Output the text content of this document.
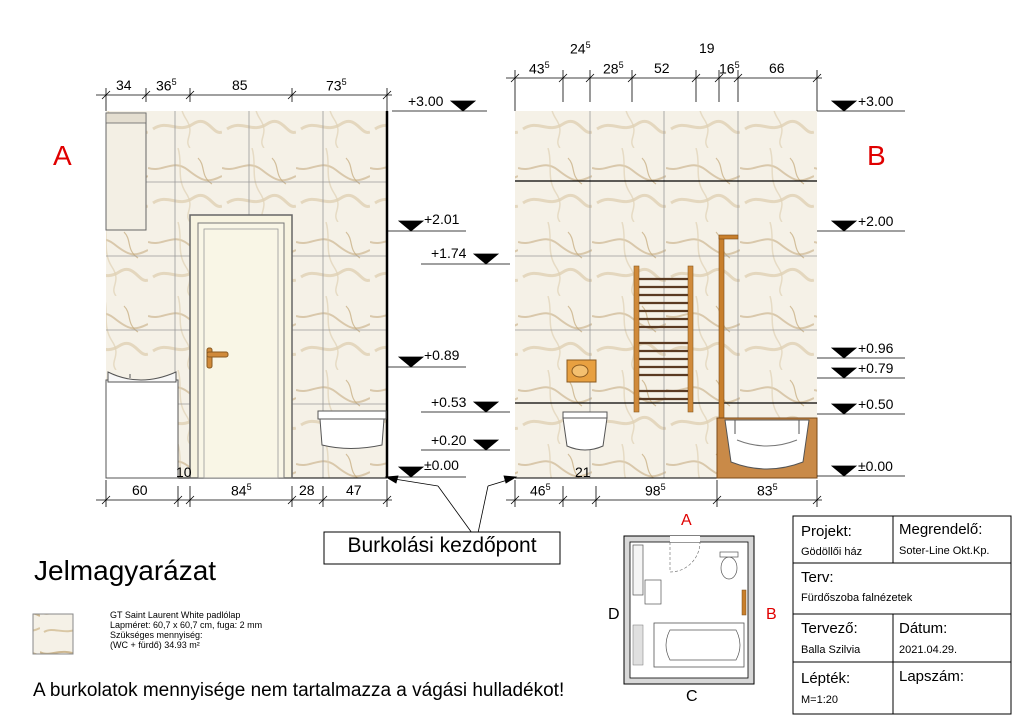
A	B
34 $36^5$	85	$73^5$
60
10
$84^5$	28 47
+3.00
+2.01
+0.89
±0.00
+1.74
+0.53
+0.20
$43^5$
$24^5$
$28^5$ 52
19
$16^5$ 66
$46^5$
21
$98^5$	$83^5$
+3.00
+2.00
+0.96
+0.79
+0.50
±0.00
Burkolási kezdőpont
Jelmagyarázat
GT Saint Laurent White padlólap
Lapméret: 60,7 x 60,7 cm, fuga: 2 mm
Szükséges mennyiség:
(WC + fürdő) 34.93 m²
A burkolatok mennyisége nem tartalmazza a vágási hulladékot!
A
B
C
D
Projekt:
Gödöllői ház
Megrendelő:
Soter-Line Okt.Kp.
Terv:
Fürdőszoba falnézetek
Tervező:
Balla Szilvia
Dátum:
2021.04.29.
Lépték:
M=1:20
Lapszám:
